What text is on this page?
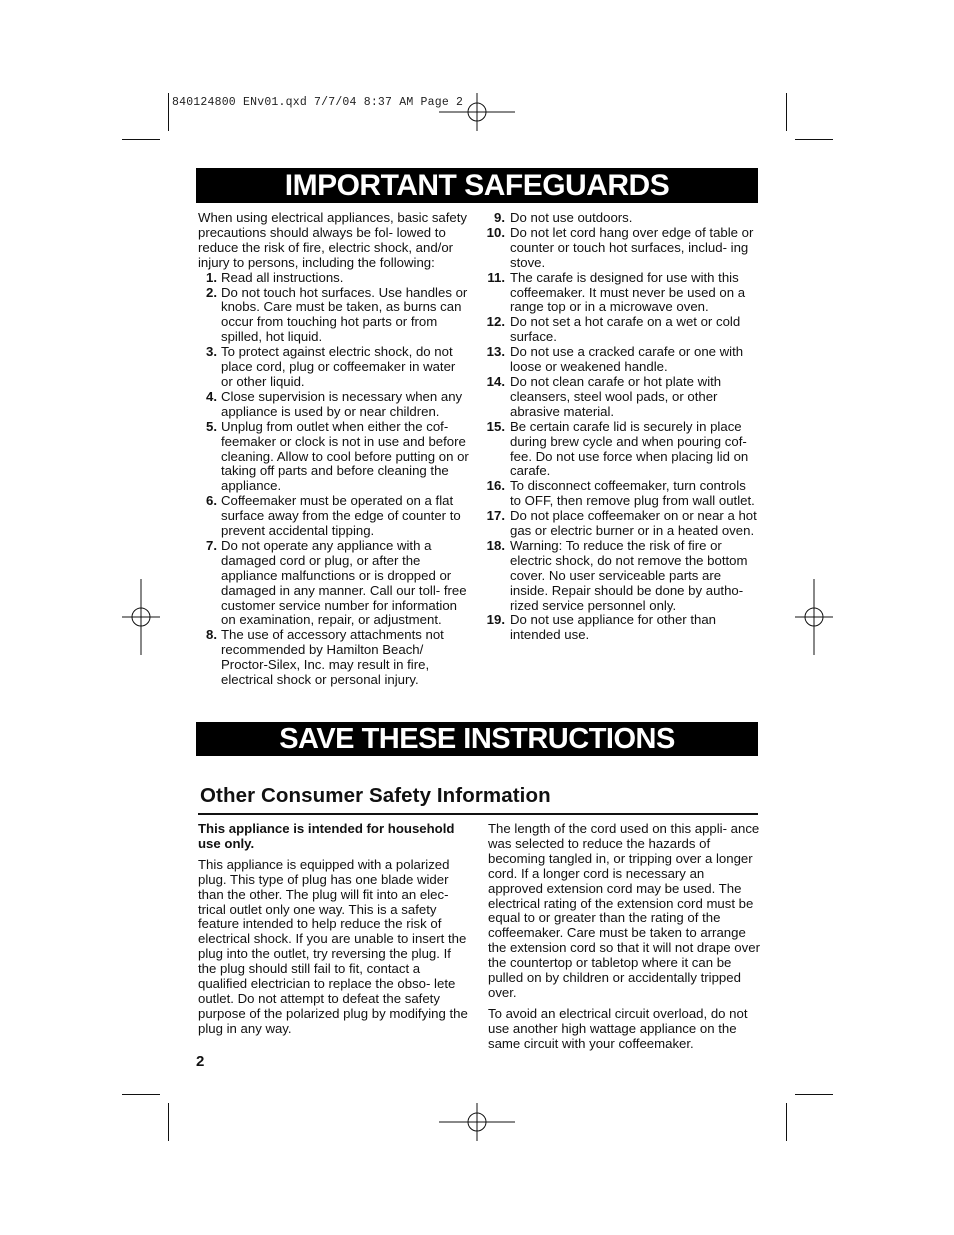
840124800 ENv01.qxd 7/7/04 8:37 AM Page 2
IMPORTANT SAFEGUARDS

When using electrical appliances, basic safety precautions should always be fol- lowed to reduce the risk of fire, electric shock, and/or injury to persons, including the following:

1. Read all instructions.
2. Do not touch hot surfaces. Use handles or knobs. Care must be taken, as burns can occur from touching hot parts or from spilled, hot liquid.
3. To protect against electric shock, do not place cord, plug or coffeemaker in water or other liquid.
4. Close supervision is necessary when any appliance is used by or near children.
5. Unplug from outlet when either the cof- feemaker or clock is not in use and before cleaning. Allow to cool before putting on or taking off parts and before cleaning the appliance.
6. Coffeemaker must be operated on a flat surface away from the edge of counter to prevent accidental tipping.
7. Do not operate any appliance with a damaged cord or plug, or after the appliance malfunctions or is dropped or damaged in any manner. Call our toll- free customer service number for information on examination, repair, or adjustment.
8. The use of accessory attachments not recommended by Hamilton Beach/ Proctor-Silex, Inc. may result in fire, electrical shock or personal injury.
9. Do not use outdoors.
10. Do not let cord hang over edge of table or counter or touch hot surfaces, includ- ing stove.
11. The carafe is designed for use with this coffeemaker. It must never be used on a range top or in a microwave oven.
12. Do not set a hot carafe on a wet or cold surface.
13. Do not use a cracked carafe or one with loose or weakened handle.
14. Do not clean carafe or hot plate with cleansers, steel wool pads, or other abrasive material.
15. Be certain carafe lid is securely in place during brew cycle and when pouring cof- fee. Do not use force when placing lid on carafe.
16. To disconnect coffeemaker, turn controls to OFF, then remove plug from wall outlet.
17. Do not place coffeemaker on or near a hot gas or electric burner or in a heated oven.
18. Warning: To reduce the risk of fire or electric shock, do not remove the bottom cover. No user serviceable parts are inside. Repair should be done by autho- rized service personnel only.
19. Do not use appliance for other than intended use.
SAVE THESE INSTRUCTIONS
Other Consumer Safety Information

This appliance is intended for household use only.

This appliance is equipped with a polarized plug. This type of plug has one blade wider than the other. The plug will fit into an elec- trical outlet only one way. This is a safety feature intended to help reduce the risk of electrical shock. If you are unable to insert the plug into the outlet, try reversing the plug. If the plug should still fail to fit, contact a qualified electrician to replace the obso- lete outlet. Do not attempt to defeat the safety purpose of the polarized plug by modifying the plug in any way.

The length of the cord used on this appli- ance was selected to reduce the hazards of becoming tangled in, or tripping over a longer cord. If a longer cord is necessary an approved extension cord may be used. The electrical rating of the extension cord must be equal to or greater than the rating of the coffeemaker. Care must be taken to arrange the extension cord so that it will not drape over the countertop or tabletop where it can be pulled on by children or accidentally tripped over.

To avoid an electrical circuit overload, do not use another high wattage appliance on the same circuit with your coffeemaker.

2
